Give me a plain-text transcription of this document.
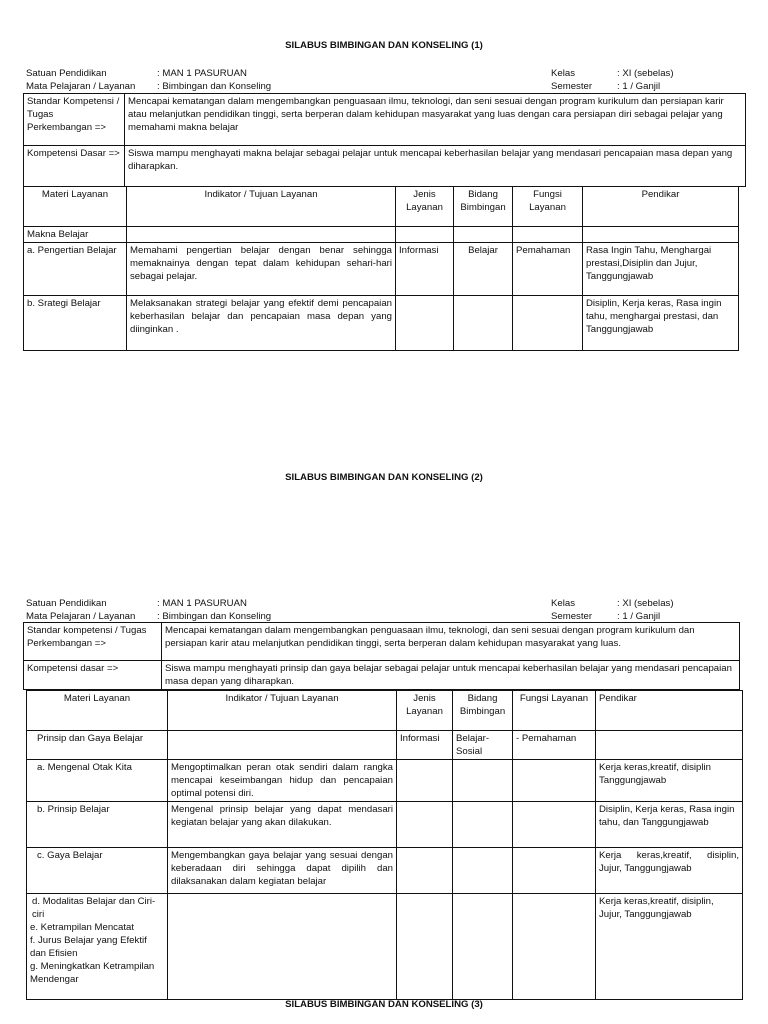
SILABUS BIMBINGAN DAN KONSELING (1)
Satuan Pendidikan	: MAN 1 PASURUAN	Kelas	: XI (sebelas)
Mata Pelajaran / Layanan : Bimbingan dan Konseling	Semester	: 1 / Ganjil
Standar Kompetensi / Tugas Perkembangan =>	Mencapai kematangan dalam mengembangkan penguasaan ilmu, teknologi, dan seni sesuai dengan program kurikulum dan persiapan karir atau melanjutkan pendidikan tinggi, serta berperan dalam kehidupan masyarakat yang luas dengan cara persiapan diri sebagai pelajar yang memahami makna belajar
Kompetensi Dasar =>	Siswa mampu menghayati makna belajar sebagai pelajar untuk mencapai keberhasilan belajar yang mendasari pencapaian masa depan yang diharapkan.
Materi Layanan	Indikator / Tujuan Layanan	Jenis Layanan	Bidang Bimbingan	Fungsi Layanan	Pendikar
Makna Belajar					
a. Pengertian Belajar	Memahami pengertian belajar dengan benar sehingga memaknainya dengan tepat dalam kehidupan sehari-hari sebagai pelajar.	Informasi	Belajar	Pemahaman	Rasa Ingin Tahu, Menghargai prestasi,Disiplin dan Jujur, Tanggungjawab
b. Srategi Belajar	Melaksanakan strategi belajar yang efektif demi pencapaian keberhasilan belajar dan pencapaian masa depan yang diinginkan .				Disiplin, Kerja keras, Rasa ingin tahu, menghargai prestasi, dan Tanggungjawab
SILABUS BIMBINGAN DAN KONSELING (2)
Satuan Pendidikan	: MAN 1 PASURUAN	Kelas	: XI (sebelas)
Mata Pelajaran / Layanan : Bimbingan dan Konseling	Semester	: 1 / Ganjil
Standar kompetensi / Tugas Perkembangan =>	Mencapai kematangan dalam mengembangkan penguasaan ilmu, teknologi, dan seni sesuai dengan program kurikulum dan persiapan karir atau melanjutkan pendidikan tinggi, serta berperan dalam kehidupan masyarakat yang luas.
Kompetensi dasar =>	Siswa mampu menghayati prinsip dan gaya belajar sebagai pelajar untuk mencapai keberhasilan belajar yang mendasari pencapaian masa depan yang diharapkan.
Materi Layanan	Indikator / Tujuan Layanan	Jenis Layanan	Bidang Bimbingan	Fungsi Layanan	Pendikar
Prinsip dan Gaya Belajar		Informasi	Belajar-Sosial	- Pemahaman	
a. Mengenal Otak Kita	Mengoptimalkan peran otak sendiri dalam rangka mencapai keseimbangan hidup dan pencapaian optimal potensi diri.				Kerja keras,kreatif, disiplin Tanggungjawab
b. Prinsip Belajar	Mengenal prinsip belajar yang dapat mendasari kegiatan belajar yang akan dilakukan.				Disiplin, Kerja keras, Rasa ingin tahu, dan Tanggungjawab
c. Gaya Belajar	Mengembangkan gaya belajar yang sesuai dengan keberadaan diri sehingga dapat dipilih dan dilaksanakan dalam kegiatan belajar				Kerja keras,kreatif, disiplin, Jujur, Tanggungjawab

d. Modalitas Belajar dan Ciri-ciri
e. Ketrampilan Mencatat
f. Jurus Belajar yang Efektif dan Efisien
g. Meningkatkan Ketrampilan Mendengar					Kerja keras,kreatif, disiplin, Jujur, Tanggungjawab
SILABUS BIMBINGAN DAN KONSELING (3)
